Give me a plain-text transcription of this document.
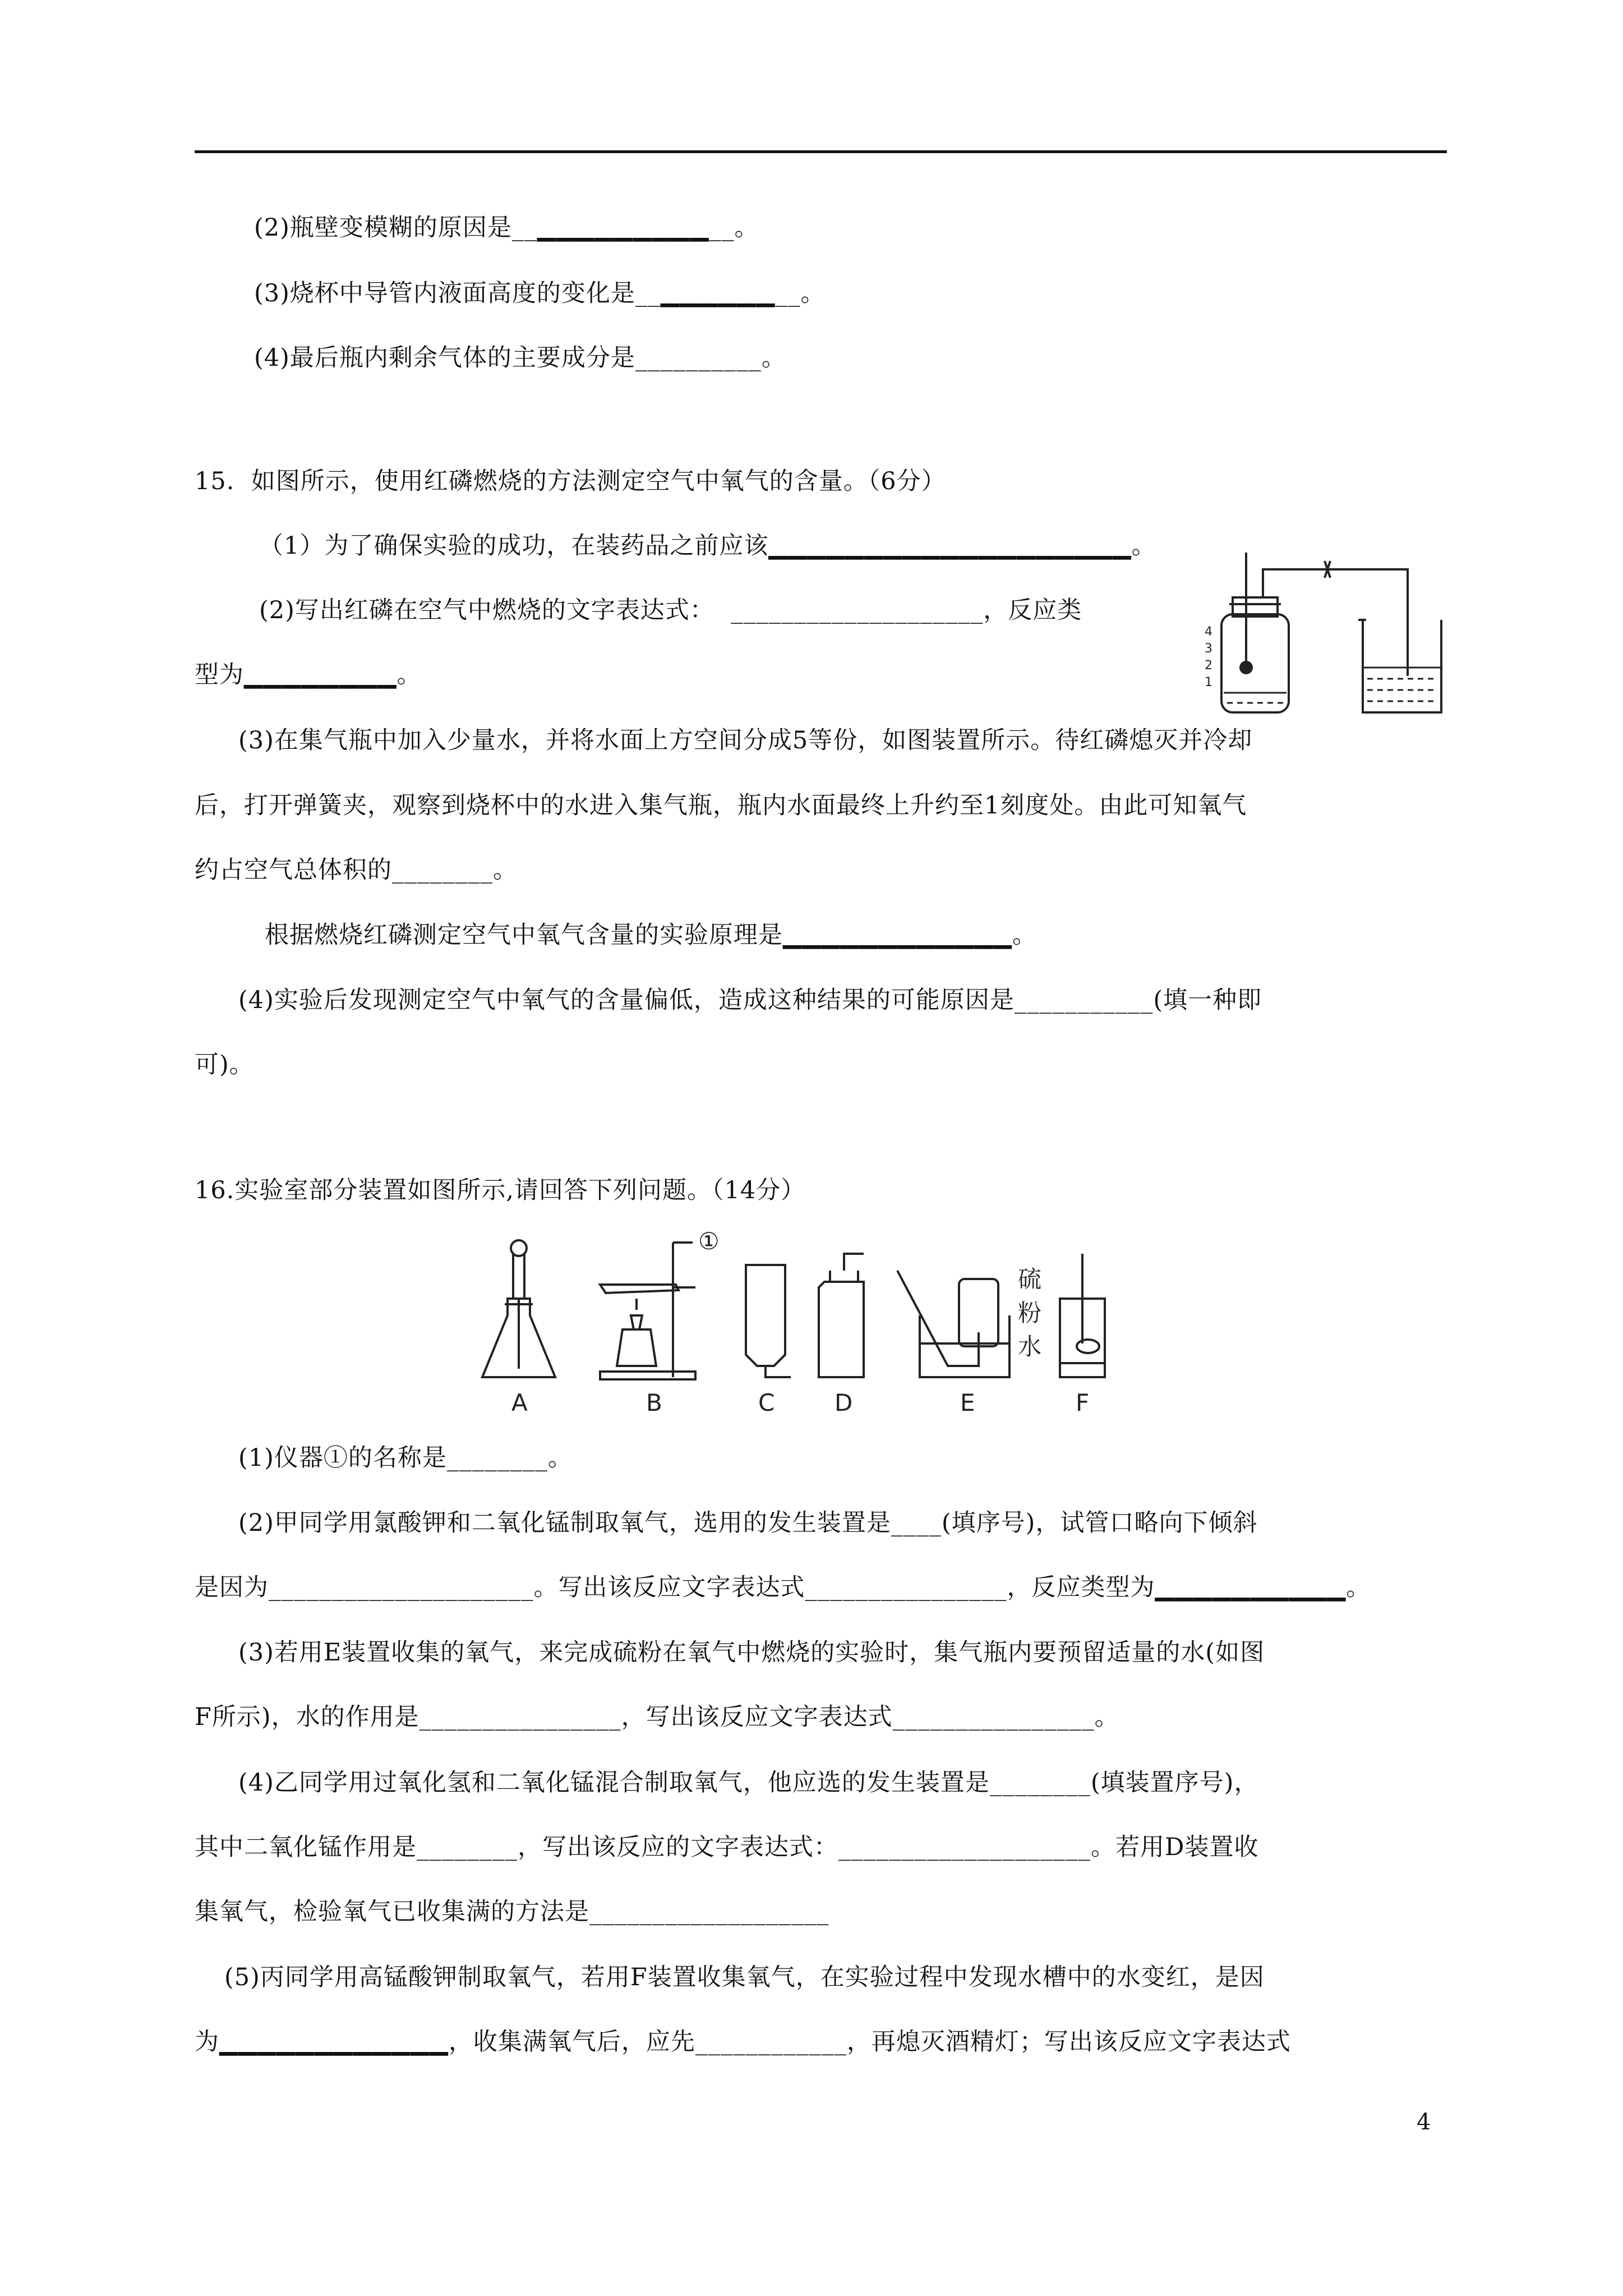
(2)瓶壁变模糊的原因是__▁▁▁▁▁▁▁▁▁__。
(3)烧杯中导管内液面高度的变化是__▁▁▁▁▁▁__。
(4)最后瓶内剩余气体的主要成分是__________。
15.  如图所示，使用红磷燃烧的方法测定空气中氧气的含量。（6分）
（1）为了确保实验的成功，在装药品之前应该▁▁▁▁▁▁▁▁▁▁▁▁▁▁▁▁▁▁▁。
(2)写出红磷在空气中燃烧的文字表达式：  ____________________，反应类
型为▁▁▁▁▁▁▁▁。
(3)在集气瓶中加入少量水，并将水面上方空间分成5等份，如图装置所示。待红磷熄灭并冷却
后，打开弹簧夹，观察到烧杯中的水进入集气瓶，瓶内水面最终上升约至1刻度处。由此可知氧气
约占空气总体积的________。
根据燃烧红磷测定空气中氧气含量的实验原理是▁▁▁▁▁▁▁▁▁▁▁▁。
(4)实验后发现测定空气中氧气的含量偏低，造成这种结果的可能原因是___________(填一种即
可)。
16.实验室部分装置如图所示,请回答下列问题。（14分）
(1)仪器①的名称是________。
(2)甲同学用氯酸钾和二氧化锰制取氧气，选用的发生装置是____(填序号)，试管口略向下倾斜
是因为_____________________。写出该反应文字表达式________________，反应类型为▁▁▁▁▁▁▁▁▁▁。
(3)若用E装置收集的氧气，来完成硫粉在氧气中燃烧的实验时，集气瓶内要预留适量的水(如图
F所示)，水的作用是________________，写出该反应文字表达式________________。
(4)乙同学用过氧化氢和二氧化锰混合制取氧气，他应选的发生装置是________(填装置序号)，
其中二氧化锰作用是________，写出该反应的文字表达式：____________________。若用D装置收
集氧气，检验氧气已收集满的方法是___________________
(5)丙同学用高锰酸钾制取氧气，若用F装置收集氧气，在实验过程中发现水槽中的水变红，是因
为▁▁▁▁▁▁▁▁▁▁▁▁，收集满氧气后，应先____________，再熄灭酒精灯；写出该反应文字表达式
4
4
3
2
1
①
硫
粉
水
A	B	C	D	E	F
